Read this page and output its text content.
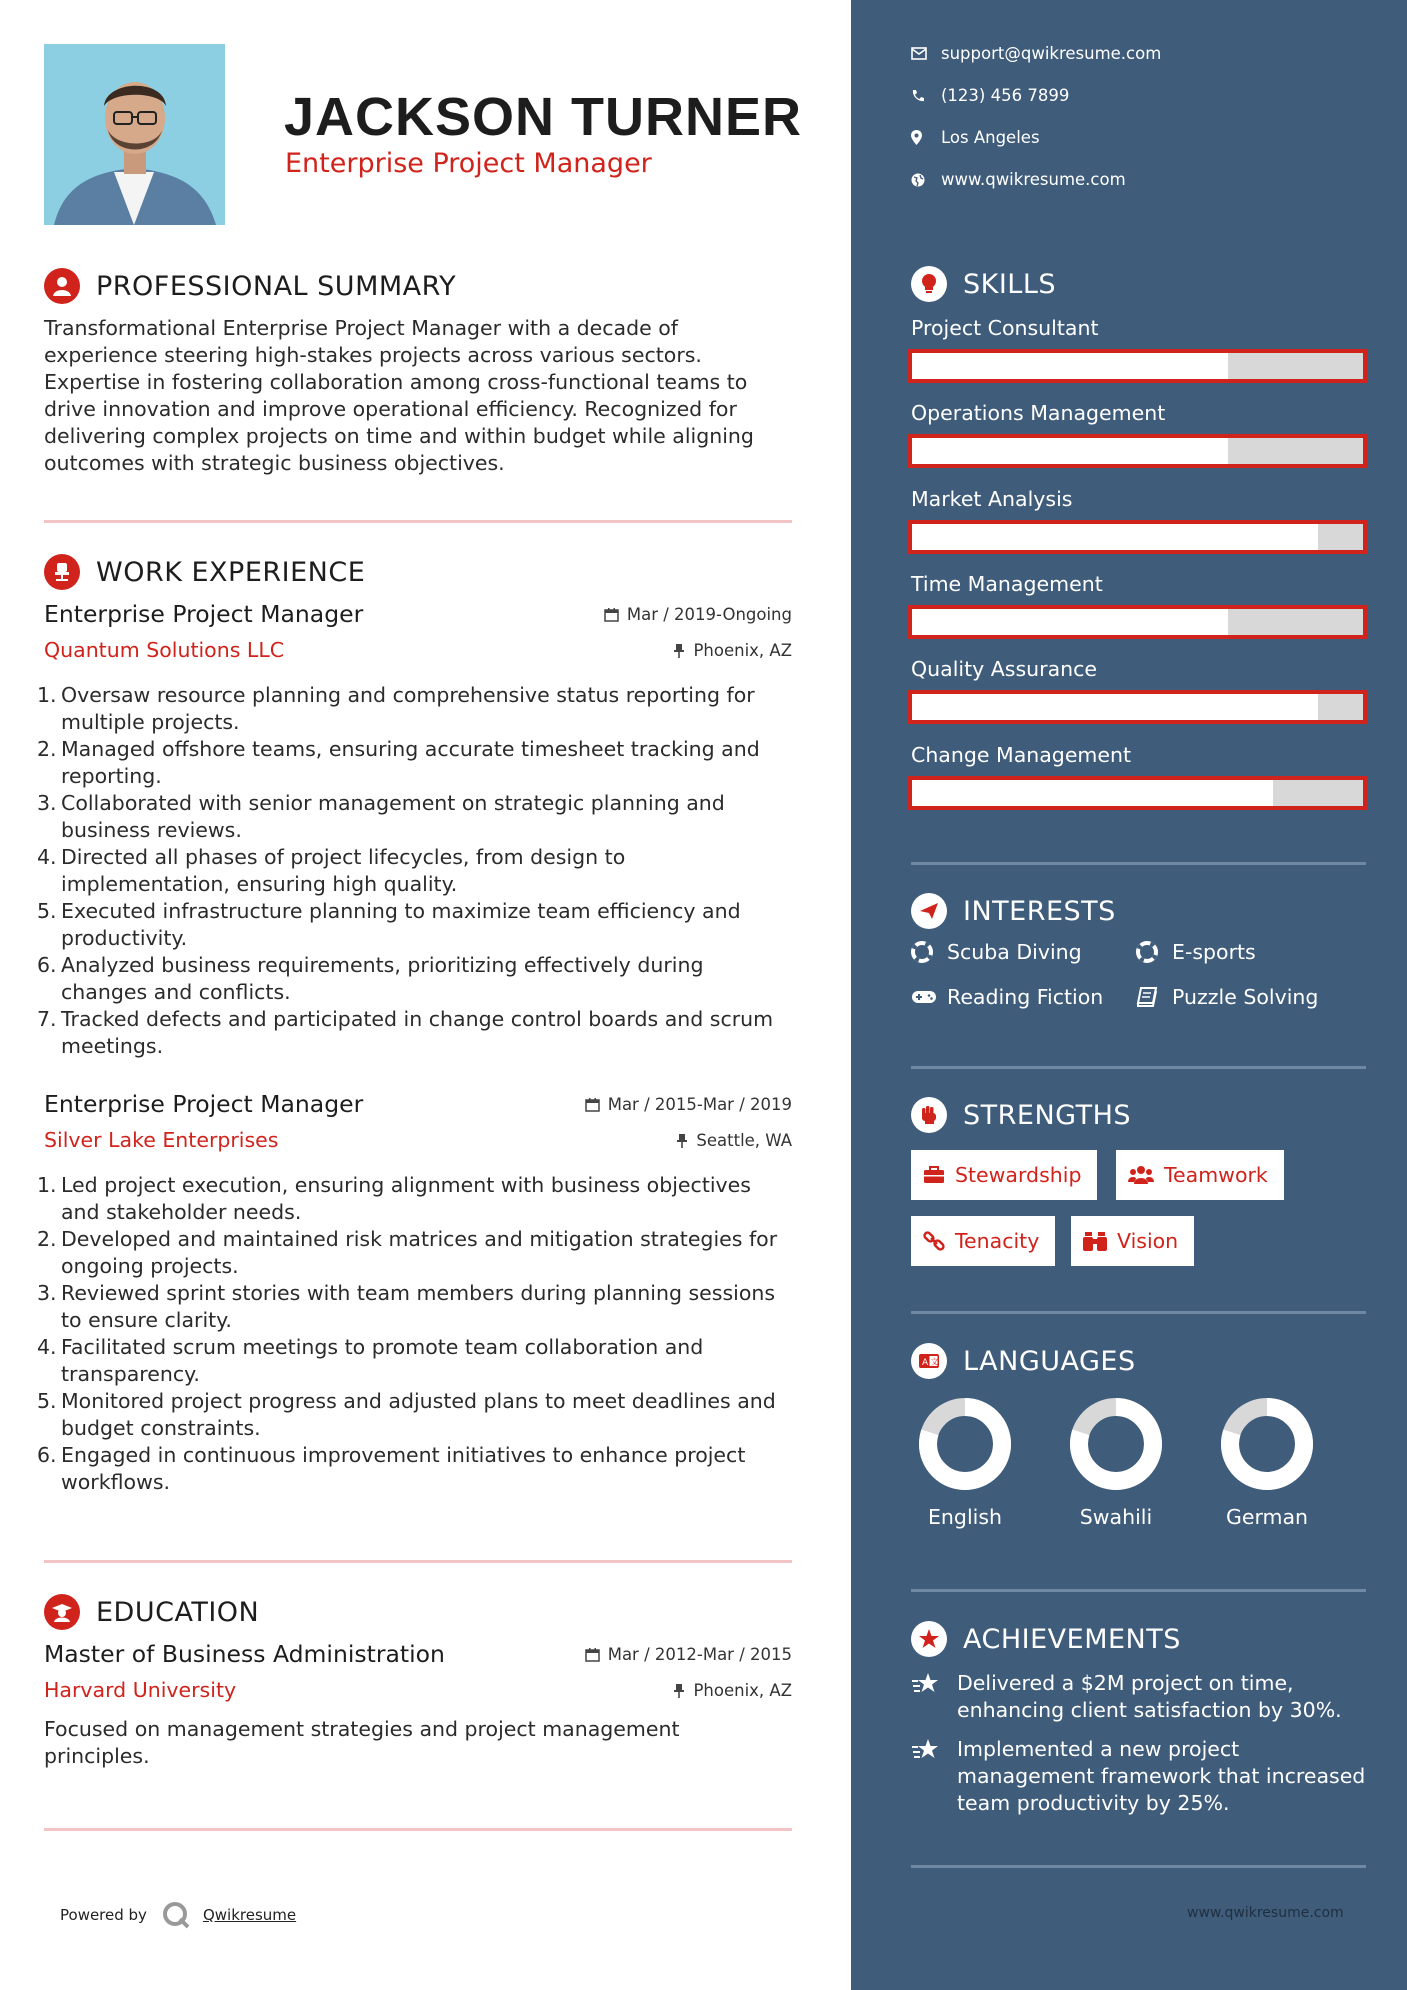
JACKSON TURNER
Enterprise Project Manager
PROFESSIONAL SUMMARY
Transformational Enterprise Project Manager with a decade of experience steering high-stakes projects across various sectors. Expertise in fostering collaboration among cross-functional teams to drive innovation and improve operational efficiency. Recognized for delivering complex projects on time and within budget while aligning outcomes with strategic business objectives.
WORK EXPERIENCE
Enterprise Project Manager	Mar / 2019-Ongoing
Quantum Solutions LLC	Phoenix, AZ
1. Oversaw resource planning and comprehensive status reporting for multiple projects.
2. Managed offshore teams, ensuring accurate timesheet tracking and reporting.
3. Collaborated with senior management on strategic planning and business reviews.
4. Directed all phases of project lifecycles, from design to implementation, ensuring high quality.
5. Executed infrastructure planning to maximize team efficiency and productivity.
6. Analyzed business requirements, prioritizing effectively during changes and conflicts.
7. Tracked defects and participated in change control boards and scrum meetings.
Enterprise Project Manager	Mar / 2015-Mar / 2019
Silver Lake Enterprises	Seattle, WA
1. Led project execution, ensuring alignment with business objectives and stakeholder needs.
2. Developed and maintained risk matrices and mitigation strategies for ongoing projects.
3. Reviewed sprint stories with team members during planning sessions to ensure clarity.
4. Facilitated scrum meetings to promote team collaboration and transparency.
5. Monitored project progress and adjusted plans to meet deadlines and budget constraints.
6. Engaged in continuous improvement initiatives to enhance project workflows.
EDUCATION
Master of Business Administration	Mar / 2012-Mar / 2015
Harvard University	Phoenix, AZ
Focused on management strategies and project management principles.
Powered by	Qwikresume
support@qwikresume.com
(123) 456 7899
Los Angeles
www.qwikresume.com
SKILLS
Project Consultant
Operations Management
Market Analysis
Time Management
Quality Assurance
Change Management
INTERESTS
Scuba Diving	E-sports
Reading Fiction	Puzzle Solving
STRENGTHS
Stewardship	Teamwork
Tenacity	Vision
A 文 LANGUAGES
English	Swahili	German
ACHIEVEMENTS
Delivered a $2M project on time, enhancing client satisfaction by 30%.
Implemented a new project management framework that increased team productivity by 25%.
www.qwikresume.com
